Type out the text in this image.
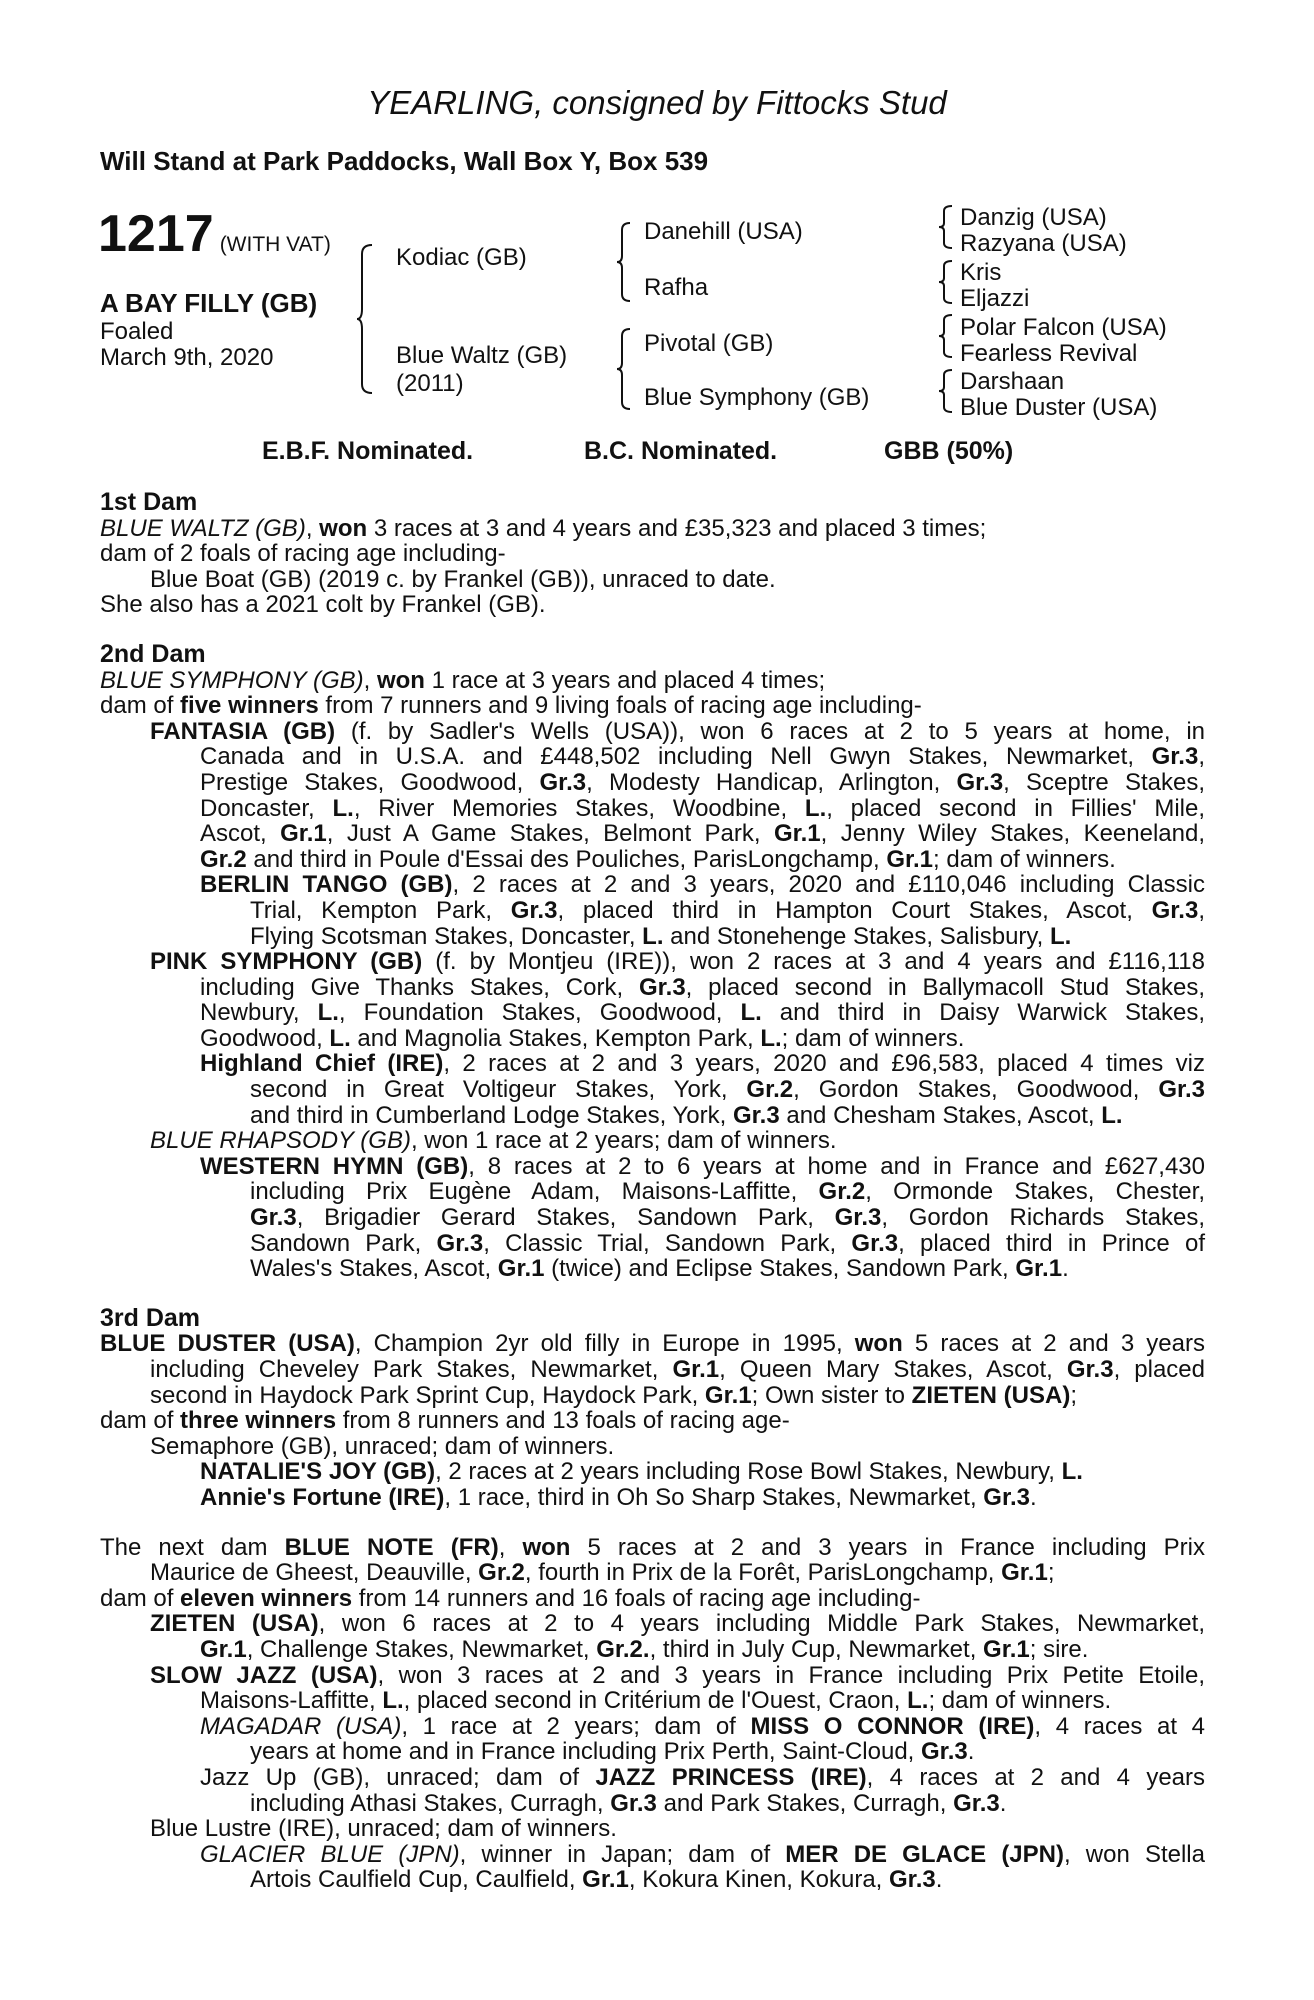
YEARLING, consigned by Fittocks Stud
Will Stand at Park Paddocks, Wall Box Y, Box 539
1217 (WITH VAT)
A BAY FILLY (GB)
Foaled
March 9th, 2020
Kodiac (GB)
Blue Waltz (GB)
(2011)
Danehill (USA)
Rafha
Pivotal (GB)
Blue Symphony (GB)
Danzig (USA)
Razyana (USA)
Kris
Eljazzi
Polar Falcon (USA)
Fearless Revival
Darshaan
Blue Duster (USA)
E.B.F. Nominated.	B.C. Nominated.	GBB (50%)
1st Dam
BLUE WALTZ (GB), won 3 races at 3 and 4 years and £35,323 and placed 3 times;
dam of 2 foals of racing age including-
Blue Boat (GB) (2019 c. by Frankel (GB)), unraced to date.
She also has a 2021 colt by Frankel (GB).
2nd Dam
BLUE SYMPHONY (GB), won 1 race at 3 years and placed 4 times;
dam of five winners from 7 runners and 9 living foals of racing age including-
FANTASIA (GB) (f. by Sadler's Wells (USA)), won 6 races at 2 to 5 years at home, in
Canada and in U.S.A. and £448,502 including Nell Gwyn Stakes, Newmarket, Gr.3,
Prestige Stakes, Goodwood, Gr.3, Modesty Handicap, Arlington, Gr.3, Sceptre Stakes,
Doncaster, L., River Memories Stakes, Woodbine, L., placed second in Fillies' Mile,
Ascot, Gr.1, Just A Game Stakes, Belmont Park, Gr.1, Jenny Wiley Stakes, Keeneland,
Gr.2 and third in Poule d'Essai des Pouliches, ParisLongchamp, Gr.1; dam of winners.
BERLIN TANGO (GB), 2 races at 2 and 3 years, 2020 and £110,046 including Classic
Trial, Kempton Park, Gr.3, placed third in Hampton Court Stakes, Ascot, Gr.3,
Flying Scotsman Stakes, Doncaster, L. and Stonehenge Stakes, Salisbury, L.
PINK SYMPHONY (GB) (f. by Montjeu (IRE)), won 2 races at 3 and 4 years and £116,118
including Give Thanks Stakes, Cork, Gr.3, placed second in Ballymacoll Stud Stakes,
Newbury, L., Foundation Stakes, Goodwood, L. and third in Daisy Warwick Stakes,
Goodwood, L. and Magnolia Stakes, Kempton Park, L.; dam of winners.
Highland Chief (IRE), 2 races at 2 and 3 years, 2020 and £96,583, placed 4 times viz
second in Great Voltigeur Stakes, York, Gr.2, Gordon Stakes, Goodwood, Gr.3
and third in Cumberland Lodge Stakes, York, Gr.3 and Chesham Stakes, Ascot, L.
BLUE RHAPSODY (GB), won 1 race at 2 years; dam of winners.
WESTERN HYMN (GB), 8 races at 2 to 6 years at home and in France and £627,430
including Prix Eugène Adam, Maisons-Laffitte, Gr.2, Ormonde Stakes, Chester,
Gr.3, Brigadier Gerard Stakes, Sandown Park, Gr.3, Gordon Richards Stakes,
Sandown Park, Gr.3, Classic Trial, Sandown Park, Gr.3, placed third in Prince of
Wales's Stakes, Ascot, Gr.1 (twice) and Eclipse Stakes, Sandown Park, Gr.1.
3rd Dam
BLUE DUSTER (USA), Champion 2yr old filly in Europe in 1995, won 5 races at 2 and 3 years
including Cheveley Park Stakes, Newmarket, Gr.1, Queen Mary Stakes, Ascot, Gr.3, placed
second in Haydock Park Sprint Cup, Haydock Park, Gr.1; Own sister to ZIETEN (USA);
dam of three winners from 8 runners and 13 foals of racing age-
Semaphore (GB), unraced; dam of winners.
NATALIE'S JOY (GB), 2 races at 2 years including Rose Bowl Stakes, Newbury, L.
Annie's Fortune (IRE), 1 race, third in Oh So Sharp Stakes, Newmarket, Gr.3.
The next dam BLUE NOTE (FR), won 5 races at 2 and 3 years in France including Prix
Maurice de Gheest, Deauville, Gr.2, fourth in Prix de la Forêt, ParisLongchamp, Gr.1;
dam of eleven winners from 14 runners and 16 foals of racing age including-
ZIETEN (USA), won 6 races at 2 to 4 years including Middle Park Stakes, Newmarket,
Gr.1, Challenge Stakes, Newmarket, Gr.2., third in July Cup, Newmarket, Gr.1; sire.
SLOW JAZZ (USA), won 3 races at 2 and 3 years in France including Prix Petite Etoile,
Maisons-Laffitte, L., placed second in Critérium de l'Ouest, Craon, L.; dam of winners.
MAGADAR (USA), 1 race at 2 years; dam of MISS O CONNOR (IRE), 4 races at 4
years at home and in France including Prix Perth, Saint-Cloud, Gr.3.
Jazz Up (GB), unraced; dam of JAZZ PRINCESS (IRE), 4 races at 2 and 4 years
including Athasi Stakes, Curragh, Gr.3 and Park Stakes, Curragh, Gr.3.
Blue Lustre (IRE), unraced; dam of winners.
GLACIER BLUE (JPN), winner in Japan; dam of MER DE GLACE (JPN), won Stella
Artois Caulfield Cup, Caulfield, Gr.1, Kokura Kinen, Kokura, Gr.3.
